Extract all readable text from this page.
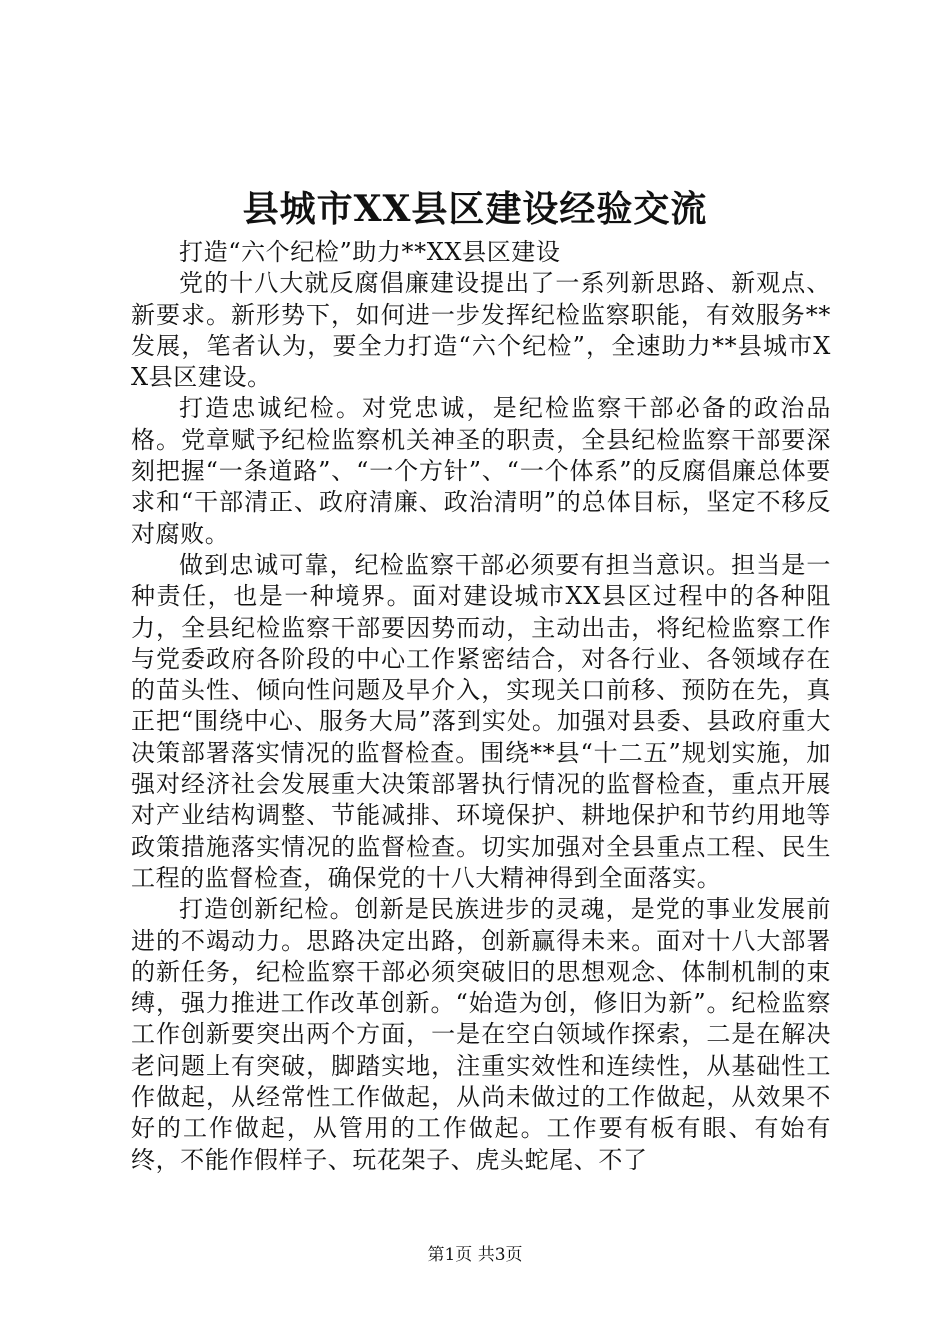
县城市XX县区建设经验交流

打造“六个纪检”助力**XX县区建设

党的十八大就反腐倡廉建设提出了一系列新思路、新观点、新要求。新形势下，如何进一步发挥纪检监察职能，有效服务**发展，笔者认为，要全力打造“六个纪检”，全速助力**县城市XX县区建设。

打造忠诚纪检。对党忠诚，是纪检监察干部必备的政治品格。党章赋予纪检监察机关神圣的职责，全县纪检监察干部要深刻把握“一条道路”、“一个方针”、“一个体系”的反腐倡廉总体要求和“干部清正、政府清廉、政治清明”的总体目标，坚定不移反对腐败。

做到忠诚可靠，纪检监察干部必须要有担当意识。担当是一种责任，也是一种境界。面对建设城市XX县区过程中的各种阻力，全县纪检监察干部要因势而动，主动出击，将纪检监察工作与党委政府各阶段的中心工作紧密结合，对各行业、各领域存在的苗头性、倾向性问题及早介入，实现关口前移、预防在先，真正把“围绕中心、服务大局”落到实处。加强对县委、县政府重大决策部署落实情况的监督检查。围绕**县“十二五”规划实施，加强对经济社会发展重大决策部署执行情况的监督检查，重点开展对产业结构调整、节能减排、环境保护、耕地保护和节约用地等政策措施落实情况的监督检查。切实加强对全县重点工程、民生工程的监督检查，确保党的十八大精神得到全面落实。

打造创新纪检。创新是民族进步的灵魂，是党的事业发展前进的不竭动力。思路决定出路，创新赢得未来。面对十八大部署的新任务，纪检监察干部必须突破旧的思想观念、体制机制的束缚，强力推进工作改革创新。“始造为创，修旧为新”。纪检监察工作创新要突出两个方面，一是在空白领域作探索，二是在解决老问题上有突破，脚踏实地，注重实效性和连续性，从基础性工作做起，从经常性工作做起，从尚未做过的工作做起，从效果不好的工作做起，从管用的工作做起。工作要有板有眼、有始有终，不能作假样子、玩花架子、虎头蛇尾、不了

第1页 共3页
